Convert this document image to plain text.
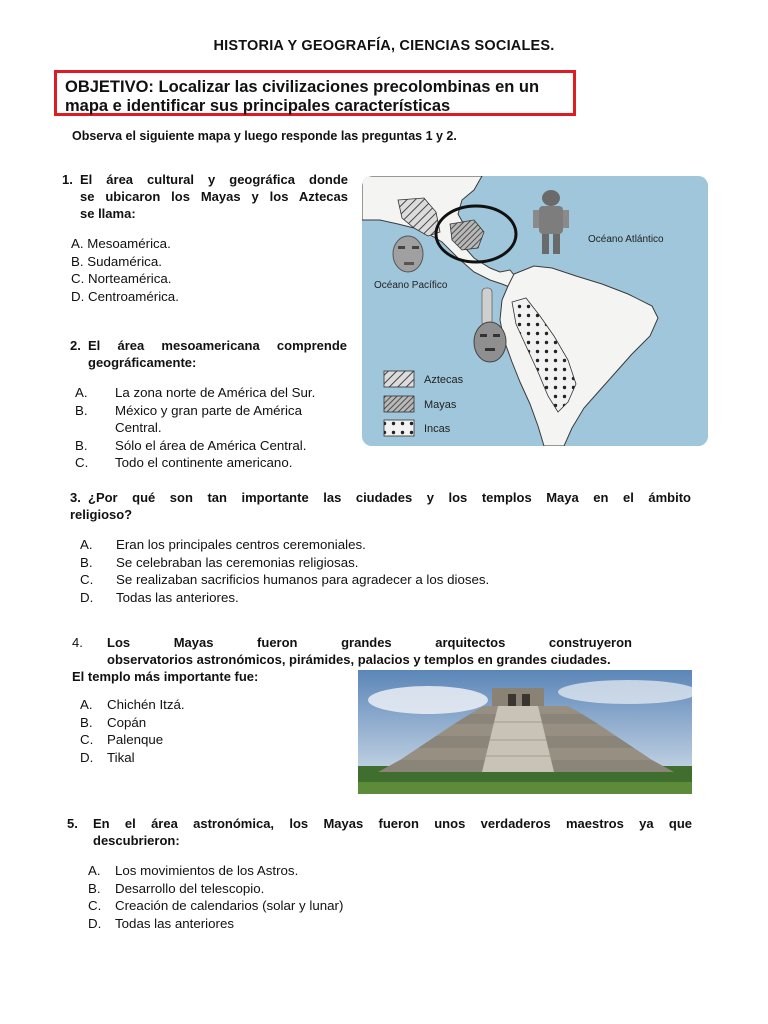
HISTORIA Y GEOGRAFÍA, CIENCIAS SOCIALES.
OBJETIVO: Localizar las civilizaciones precolombinas en un
mapa e identificar sus principales características
Observa el siguiente mapa y luego responde las preguntas 1 y 2.
1. El área cultural y geográfica donde
se ubicaron los Mayas y los Aztecas
se llama:
A. Mesoamérica.
B. Sudamérica.
C. Norteamérica.
D. Centroamérica.
2. El área mesoamericana comprende
geográficamente:
A.	La zona norte de América del Sur.
B.	México y gran parte de América
Central.
B.	Sólo el área de América Central.
C.	Todo el continente americano.
Océano Atlántico
Océano Pacífico
Aztecas
Mayas
Incas
3. ¿Por qué son tan importante las ciudades y los templos Maya en el ámbito
religioso?
A.	Eran los principales centros ceremoniales.
B.	Se celebraban las ceremonias religiosas.
C.	Se realizaban sacrificios humanos para agradecer a los dioses.
D.	Todas las anteriores.
4.	Los Mayas fueron grandes arquitectos construyeron
observatorios astronómicos, pirámides, palacios y templos en grandes ciudades.
El templo más importante fue:
A.	Chichén Itzá.
B.	Copán
C.	Palenque
D.	Tikal
5.	En el área astronómica, los Mayas fueron unos verdaderos maestros ya que
descubrieron:
A.	Los movimientos de los Astros.
B.	Desarrollo del telescopio.
C.	Creación de calendarios (solar y lunar)
D.	Todas las anteriores
